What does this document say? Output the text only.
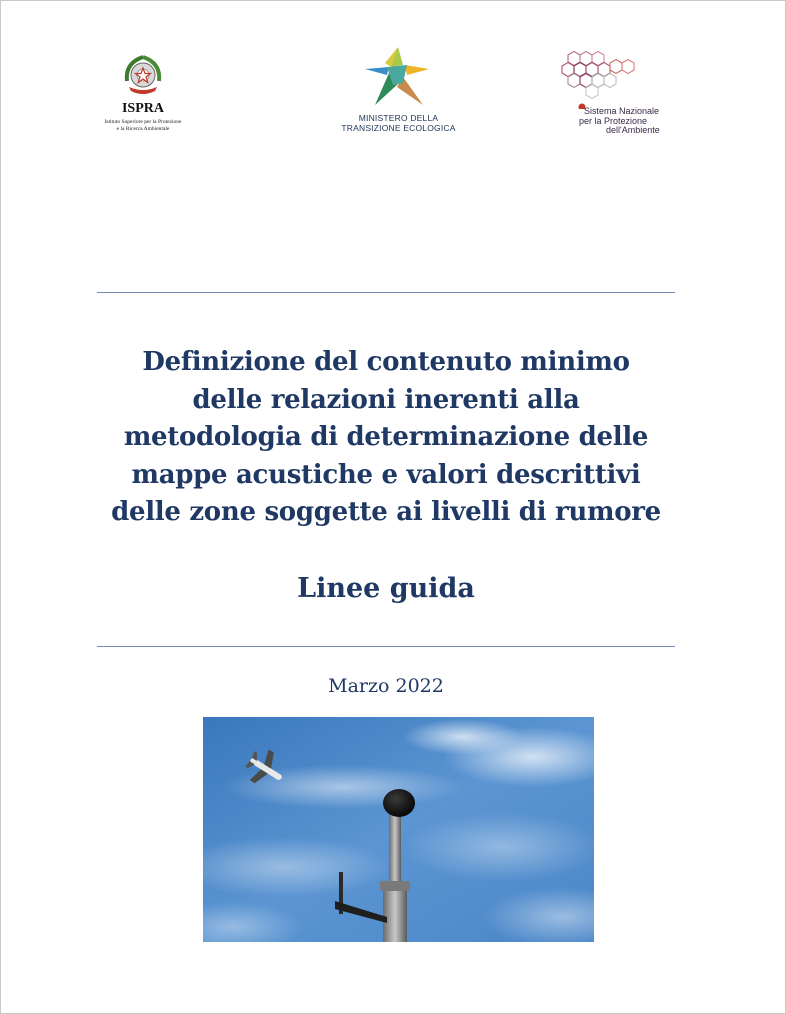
ISPRA
Istituto Superiore per la Protezione
e la Ricerca Ambientale
MINISTERO DELLA
TRANSIZIONE ECOLOGICA
Sistema Nazionale
per la Protezione
dell'Ambiente
Definizione del contenuto minimo
delle relazioni inerenti alla
metodologia di determinazione delle
mappe acustiche e valori descrittivi
delle zone soggette ai livelli di rumore
Linee guida
Marzo 2022
